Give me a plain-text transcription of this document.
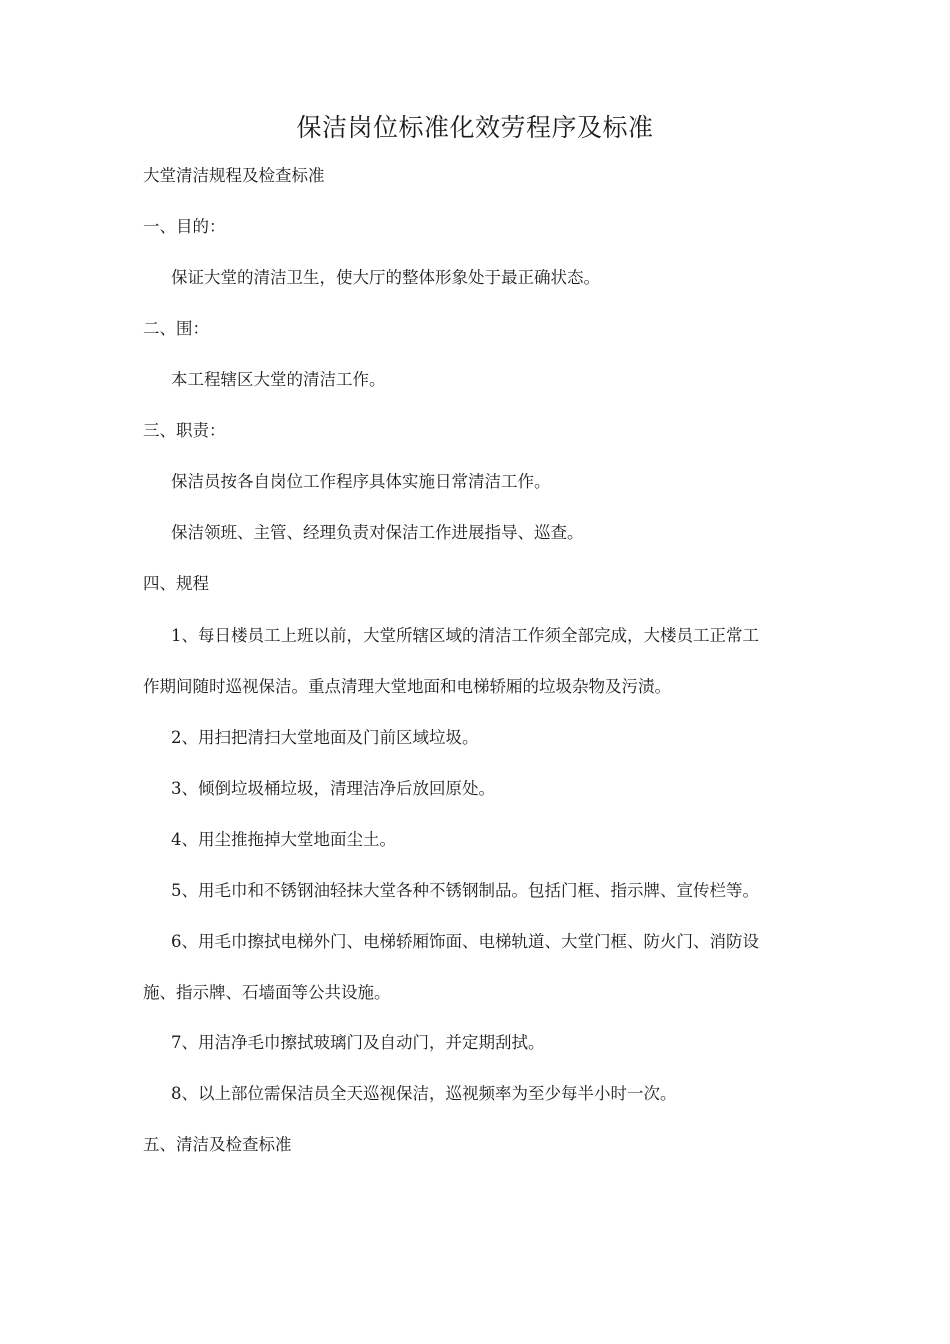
保洁岗位标准化效劳程序及标准
大堂清洁规程及检查标准
一、目的：
保证大堂的清洁卫生，使大厅的整体形象处于最正确状态。
二、围：
本工程辖区大堂的清洁工作。
三、职责：
保洁员按各自岗位工作程序具体实施日常清洁工作。
保洁领班、主管、经理负责对保洁工作进展指导、巡查。
四、规程
1、每日楼员工上班以前，大堂所辖区域的清洁工作须全部完成，大楼员工正常工
作期间随时巡视保洁。重点清理大堂地面和电梯轿厢的垃圾杂物及污渍。
2、用扫把清扫大堂地面及门前区域垃圾。
3、倾倒垃圾桶垃圾，清理洁净后放回原处。
4、用尘推拖掉大堂地面尘土。
5、用毛巾和不锈钢油轻抹大堂各种不锈钢制品。包括门框、指示牌、宣传栏等。
6、用毛巾擦拭电梯外门、电梯轿厢饰面、电梯轨道、大堂门框、防火门、消防设
施、指示牌、石墙面等公共设施。
7、用洁净毛巾擦拭玻璃门及自动门，并定期刮拭。
8、以上部位需保洁员全天巡视保洁，巡视频率为至少每半小时一次。
五、清洁及检查标准
